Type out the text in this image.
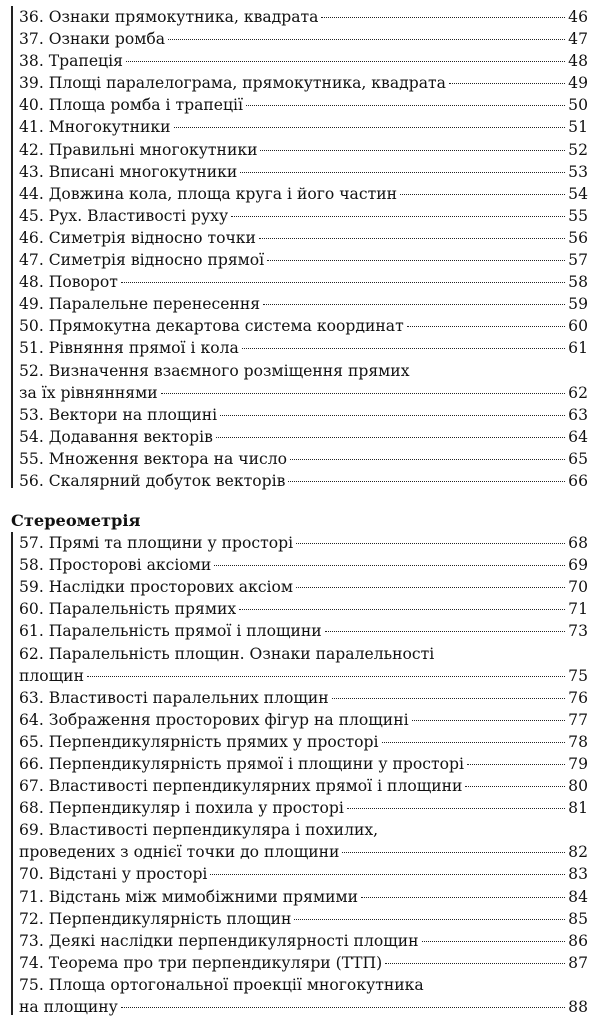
36. Ознаки прямокутника, квадрата	46
37. Ознаки ромба	47
38. Трапеція	48
39. Площі паралелограма, прямокутника, квадрата	49
40. Площа ромба і трапеції	50
41. Многокутники	51
42. Правильні многокутники	52
43. Вписані многокутники	53
44. Довжина кола, площа круга і його частин	54
45. Рух. Властивості руху	55
46. Симетрія відносно точки	56
47. Симетрія відносно прямої	57
48. Поворот	58
49. Паралельне перенесення	59
50. Прямокутна декартова система координат	60
51. Рівняння прямої і кола	61
52. Визначення взаємного розміщення прямих
за їх рівняннями	62
53. Вектори на площині	63
54. Додавання векторів	64
55. Множення вектора на число	65
56. Скалярний добуток векторів	66
Стереометрія
57. Прямі та площини у просторі	68
58. Просторові аксіоми	69
59. Наслідки просторових аксіом	70
60. Паралельність прямих	71
61. Паралельність прямої і площини	73
62. Паралельність площин. Ознаки паралельності
площин	75
63. Властивості паралельних площин	76
64. Зображення просторових фігур на площині	77
65. Перпендикулярність прямих у просторі	78
66. Перпендикулярність прямої і площини у просторі	79
67. Властивості перпендикулярних прямої і площини	80
68. Перпендикуляр і похила у просторі	81
69. Властивості перпендикуляра і похилих,
проведених з однієї точки до площини	82
70. Відстані у просторі	83
71. Відстань між мимобіжними прямими	84
72. Перпендикулярність площин	85
73. Деякі наслідки перпендикулярності площин	86
74. Теорема про три перпендикуляри (ТТП)	87
75. Площа ортогональної проекції многокутника
на площину	88
